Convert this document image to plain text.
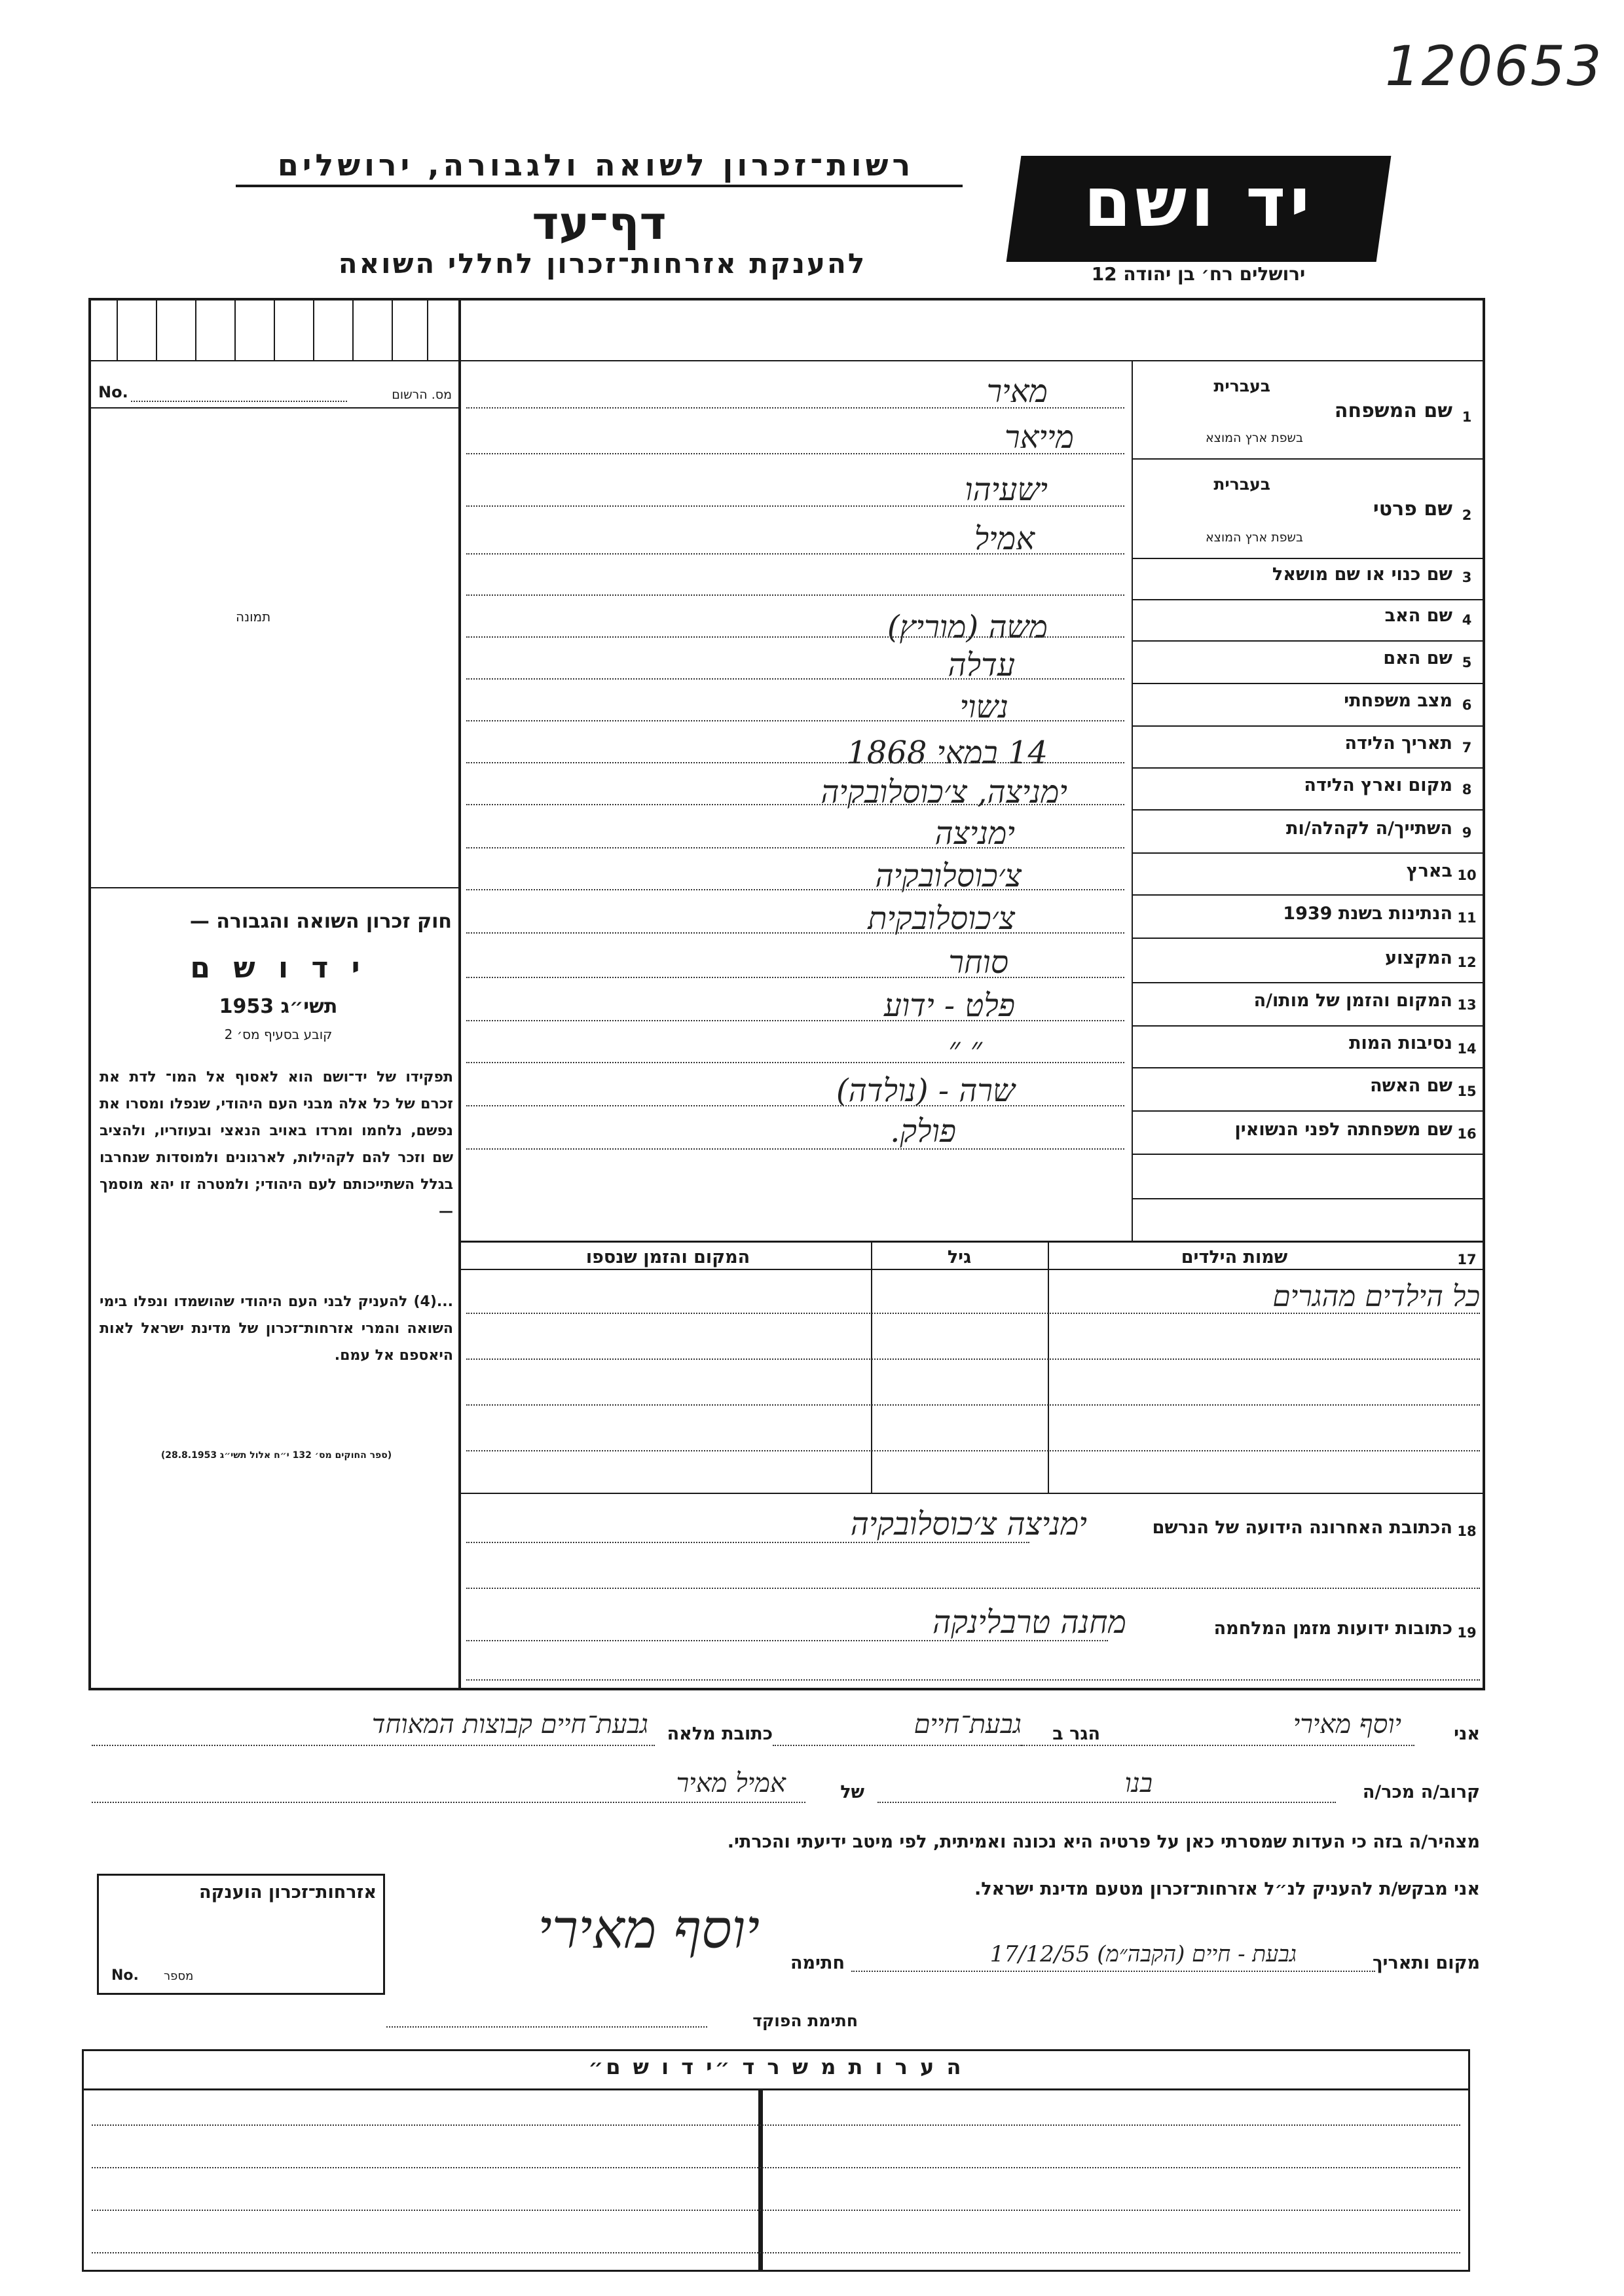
120653
רשות־זכרון לשואה ולגבורה, ירושלים
דף־עד
להענקת אזרחות־זכרון לחללי השואה
יד ושם
ירושלים רח׳ בן יהודה 12
No.	מס. הרשום
תמונה
חוק זכרון השואה והגבורה —
י ד ו ש ם
תשי״ג 1953
קובע בסעיף מס׳ 2
תפקידו של יד־ושם הוא לאסוף אל המו־ לדת את זכרם של כל אלה מבני העם היהודי, שנפלו ומסרו את נפשם, נלחמו ומרדו באויב הנאצי ובעוזריו, ולהציב שם וזכר להם לקהילות, לארגונים ולמוסדות שנחרבו בגלל השתייכותם לעם היהודי; ולמטרה זו יהא מוסמך —
...(4) להעניק לבני העם היהודי שהושמדו ונפלו בימי השואה והמרי אזרחות־זכרון של מדינת ישראל לאות היאספם אל עמם.
(ספר החוקים מס׳ 132 י״ח אלול תשי״ג 28.8.1953)
1
שם המשפחה
בעברית
בשפת ארץ המוצא
מאיר
מייאר
2
שם פרטי
בעברית
בשפת ארץ המוצא
ישעיהו
אמיל
3
שם כנוי או שם מושאל
4
שם האב
משה (מוריץ)
5
שם האם
עדלה
6
מצב משפחתי
נשוי
7
תאריך הלידה
14 במאי 1868
8
מקום וארץ הלידה
ימניצה, צ׳כוסלובקיה
9
השתייך/ה לקהלה/ות
ימניצה
10
בארץ
צ׳כוסלובקיה
11
הנתינות בשנת 1939
צ׳כוסלובקית
12
המקצוע
סוחר
13
המקום והזמן של מותו/ה
פלט - ידוע
14
נסיבות המות
״ ״
15
שם האשה
שרה - (נולדה)
16
שם משפחתה לפני הנשואין
פולק.
17
שמות הילדים
גיל
המקום והזמן שנספו
כל הילדים מהגרים
18
הכתובת האחרונה הידועה של הנרשם
ימניצה צ׳כוסלובקיה
19
כתובות ידועות מזמן המלחמה
מחנה טרבלינקה
אני
יוסף מאירי
הגר ב
גבעת־חיים
כתובת מלאה
גבעת־חיים קבוצות המאוחד
קרוב/ה מכר/ה
בנו
של
אמיל מאיר
מצהיר/ה בזה כי העדות שמסרתי כאן על פרטיה היא נכונה ואמיתית, לפי מיטב ידיעתי והכרתי.
אני מבקש/ת להעניק לנ״ל אזרחות־זכרון מטעם מדינת ישראל.
אזרחות־זכרון הוענקה
No. מספר
מקום ותאריך
גבעת - חיים (הקבה״מ) 17/12/55
חתימה
יוסף מאירי
חתימת הפוקד
ה ע ר ו ת מ ש ר ד ״י ד ו ש ם״
